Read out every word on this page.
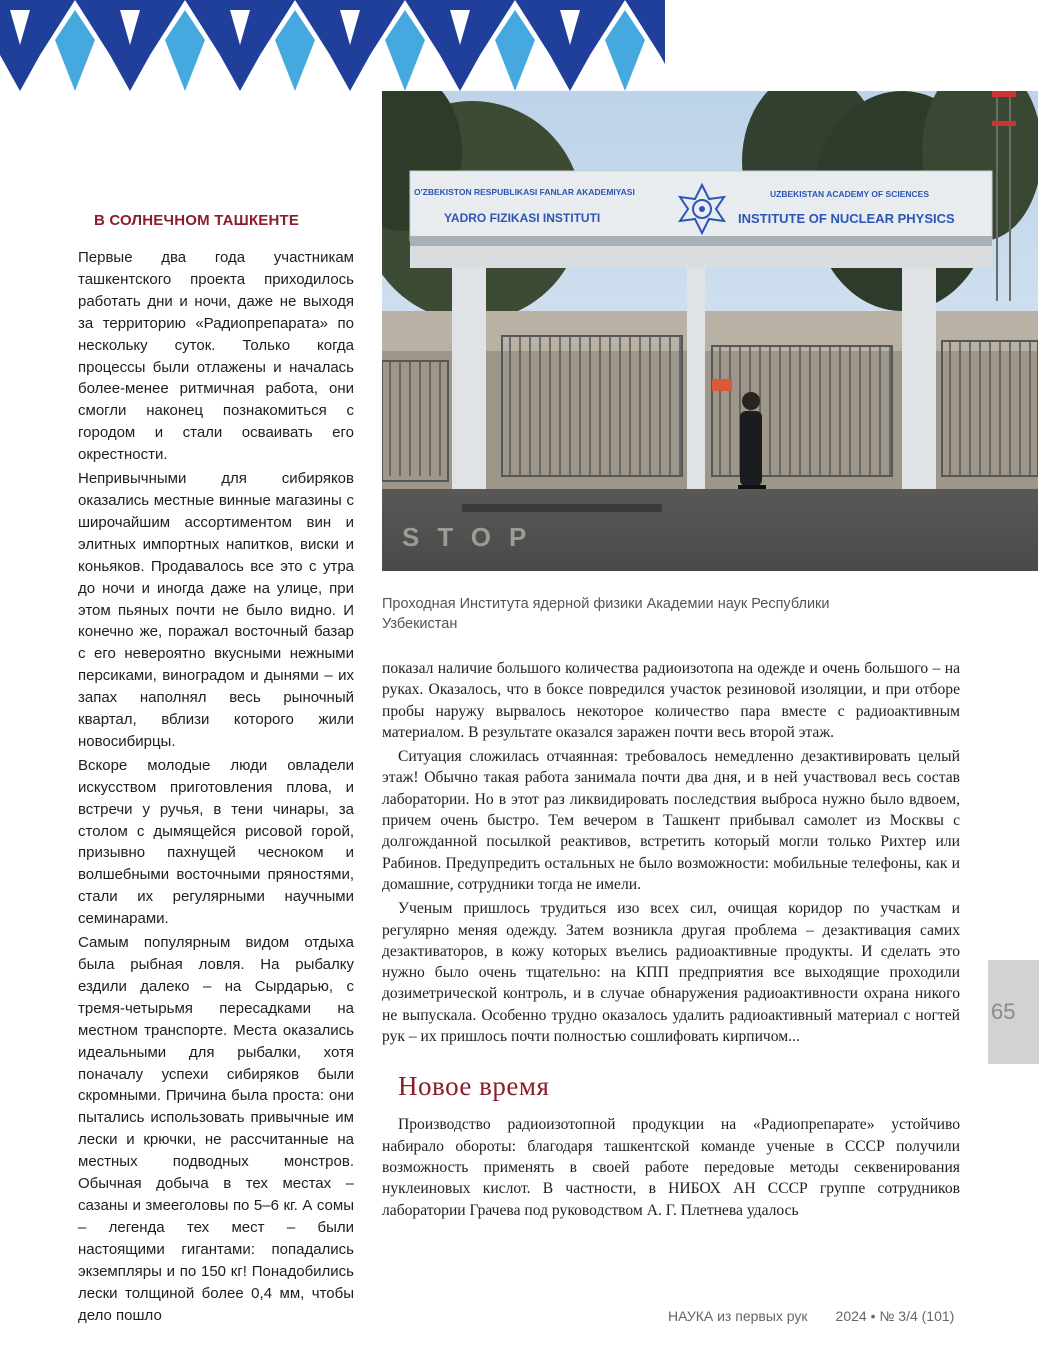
В СОЛНЕЧНОМ ТАШКЕНТЕ

Первые два года участникам ташкентского проекта приходилось работать дни и ночи, даже не выходя за территорию «Радиопрепарата» по нескольку суток. Только когда процессы были отлажены и началась более-менее ритмичная работа, они смогли наконец познакомиться с городом и стали осваивать его окрестности.

Непривычными для сибиряков оказались местные винные магазины с широчайшим ассортиментом вин и элитных импортных напитков, виски и коньяков. Продавалось все это с утра до ночи и иногда даже на улице, при этом пьяных почти не было видно. И конечно же, поражал восточный базар с его невероятно вкусными нежными персиками, виноградом и дынями – их запах наполнял весь рыночный квартал, вблизи которого жили новосибирцы.

Вскоре молодые люди овладели искусством приготовления плова, и встречи у ручья, в тени чинары, за столом с дымящейся рисовой горой, призывно пахнущей чесноком и волшебными восточными пряностями, стали их регулярными научными семинарами.

Самым популярным видом отдыха была рыбная ловля. На рыбалку ездили далеко – на Сырдарью, с тремя-четырьмя пересадками на местном транспорте. Места оказались идеальными для рыбалки, хотя поначалу успехи сибиряков были скромными. Причина была проста: они пытались использовать привычные им лески и крючки, не рассчитанные на местных подводных монстров. Обычная добыча в тех местах – сазаны и змееголовы по 5–6 кг. А сомы – легенда тех мест – были настоящими гигантами: попадались экземпляры и по 150 кг! Понадобились лески толщиной более 0,4 мм, чтобы дело пошло

STOP
O'ZBEKISTON RESPUBLIKASI FANLAR AKADEMIYASI
YADRO FIZIKASI INSTITUTI
UZBEKISTAN ACADEMY OF SCIENCES
INSTITUTE OF NUCLEAR PHYSICS
Проходная Института ядерной физики Академии наук Республики Узбекистан

показал наличие большого количества радиоизотопа на одежде и очень большого – на руках. Оказалось, что в боксе повредился участок резиновой изоляции, и при отборе пробы наружу вырвалось некоторое количество пара вместе с радиоактивным материалом. В результате оказался заражен почти весь второй этаж.

Ситуация сложилась отчаянная: требовалось немедленно дезактивировать целый этаж! Обычно такая работа занимала почти два дня, и в ней участвовал весь состав лаборатории. Но в этот раз ликвидировать последствия выброса нужно было вдвоем, причем очень быстро. Тем вечером в Ташкент прибывал самолет из Москвы с долгожданной посылкой реактивов, встретить который могли только Рихтер или Рабинов. Предупредить остальных не было возможности: мобильные телефоны, как и домашние, сотрудники тогда не имели.

Ученым пришлось трудиться изо всех сил, очищая коридор по участкам и регулярно меняя одежду. Затем возникла другая проблема – дезактивация самих дезактиваторов, в кожу которых въелись радиоактивные продукты. И сделать это нужно было очень тщательно: на КПП предприятия все выходящие проходили дозиметрической контроль, и в случае обнаружения радиоактивности охрана никого не выпускала. Особенно трудно оказалось удалить радиоактивный материал с ногтей рук – их пришлось почти полностью сошлифовать кирпичом...

Новое время

Производство радиоизотопной продукции на «Радиопрепарате» устойчиво набирало обороты: благодаря ташкентской команде ученые в СССР получили возможность применять в своей работе передовые методы секвенирования нуклеиновых кислот. В частности, в НИБОХ АН СССР группе сотрудников лаборатории Грачева под руководством А. Г. Плетнева удалось

65
НАУКА из первых рук 2024 • № 3/4 (101)
